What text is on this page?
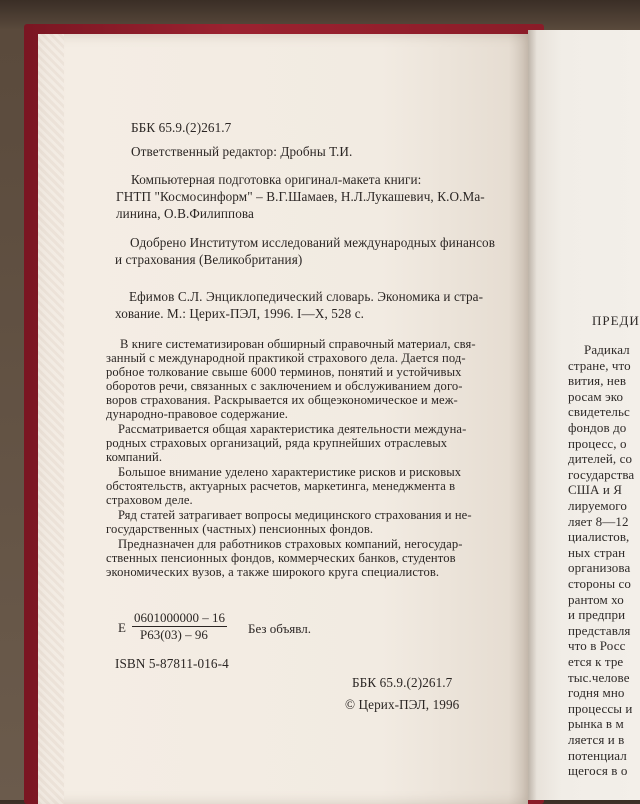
ББК 65.9.(2)261.7
Ответственный редактор: Дробны Т.И.
Компьютерная подготовка оригинал-макета книги:
ГНТП "Космосинформ" – В.Г.Шамаев, Н.Л.Лукашевич, К.О.Ма-
линина, О.В.Филиппова
Одобрено Институтом исследований международных финансов
и страхования (Великобритания)
Ефимов С.Л. Энциклопедический словарь. Экономика и стра-
хование. М.: Церих-ПЭЛ, 1996. I—X, 528 с.
В книге систематизирован обширный справочный материал, свя-
занный с международной практикой страхового дела. Дается под-
робное толкование свыше 6000 терминов, понятий и устойчивых
оборотов речи, связанных с заключением и обслуживанием дого-
воров страхования. Раскрывается их общеэкономическое и меж-
дународно-правовое содержание.
Рассматривается общая характеристика деятельности междуна-
родных страховых организаций, ряда крупнейших отраслевых
компаний.
Большое внимание уделено характеристике рисков и рисковых
обстоятельств, актуарных расчетов, маркетинга, менеджмента в
страховом деле.
Ряд статей затрагивает вопросы медицинского страхования и не-
государственных (частных) пенсионных фондов.
Предназначен для работников страховых компаний, негосудар-
ственных пенсионных фондов, коммерческих банков, студентов
экономических вузов, а также широкого круга специалистов.
Е
0601000000 – 16
Р63(03) – 96	Без объявл.
ISBN 5-87811-016-4
ББК 65.9.(2)261.7
© Церих-ПЭЛ, 1996
ПРЕДИ
Радикал
стране, что
вития, нев
росам эко
свидетельс
фондов до
процесс, о
дителей, со
государства
США и Я
лируемого
ляет 8—12
циалистов,
ных стран
организова
стороны со
рантом хо
и предпри
представля
что в Росс
ется к тре
тыс.челове
годня мно
процессы и
рынка в м
ляется и в
потенциал
щегося в о
